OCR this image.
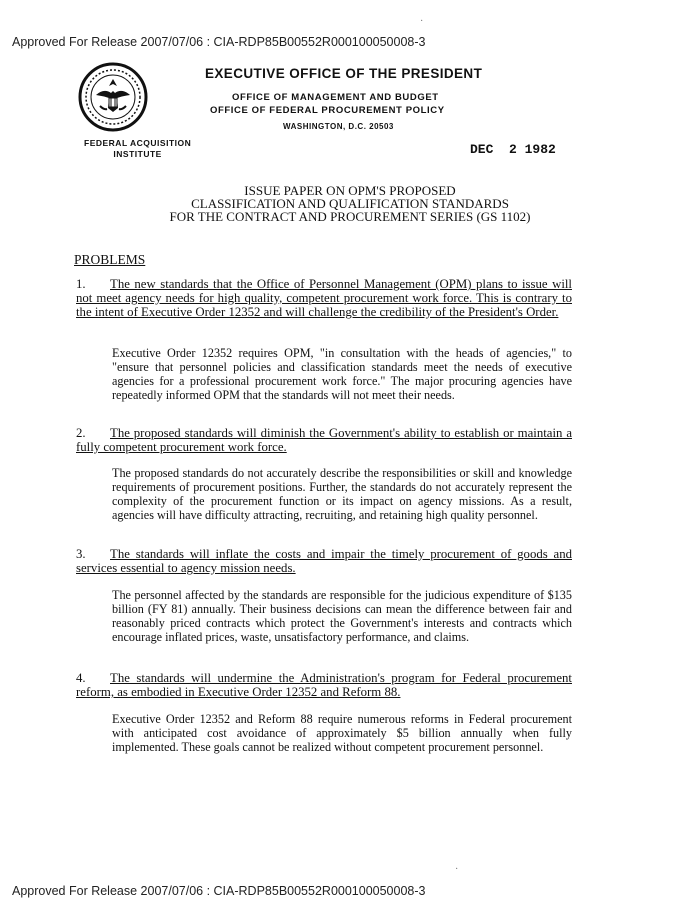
Approved For Release 2007/07/06 : CIA-RDP85B00552R000100050008-3
·
EXECUTIVE OFFICE OF THE PRESIDENT
OFFICE OF MANAGEMENT AND BUDGET
OFFICE OF FEDERAL PROCUREMENT POLICY
WASHINGTON, D.C. 20503
FEDERAL ACQUISITION
INSTITUTE	DEC  2 1982
ISSUE PAPER ON OPM'S PROPOSED
CLASSIFICATION AND QUALIFICATION STANDARDS
FOR THE CONTRACT AND PROCUREMENT SERIES (GS 1102)
PROBLEMS
1. The new standards that the Office of Personnel Management (OPM) plans to issue will not meet agency needs for high quality, competent procurement work force. This is contrary to the intent of Executive Order 12352 and will challenge the credibility of the President's Order.
Executive Order 12352 requires OPM, "in consultation with the heads of agencies," to "ensure that personnel policies and classification standards meet the needs of executive agencies for a professional procurement work force." The major procuring agencies have repeatedly informed OPM that the standards will not meet their needs.
2. The proposed standards will diminish the Government's ability to establish or maintain a fully competent procurement work force.
The proposed standards do not accurately describe the responsibilities or skill and knowledge requirements of procurement positions. Further, the standards do not accurately represent the complexity of the procurement function or its impact on agency missions. As a result, agencies will have difficulty attracting, recruiting, and retaining high quality personnel.
3. The standards will inflate the costs and impair the timely procurement of goods and services essential to agency mission needs.
The personnel affected by the standards are responsible for the judicious expenditure of $135 billion (FY 81) annually. Their business decisions can mean the difference between fair and reasonably priced contracts which protect the Government's interests and contracts which encourage inflated prices, waste, unsatisfactory performance, and claims.
4. The standards will undermine the Administration's program for Federal procurement reform, as embodied in Executive Order 12352 and Reform 88.
Executive Order 12352 and Reform 88 require numerous reforms in Federal procurement with anticipated cost avoidance of approximately $5 billion annually when fully implemented. These goals cannot be realized without competent procurement personnel.
·
Approved For Release 2007/07/06 : CIA-RDP85B00552R000100050008-3
